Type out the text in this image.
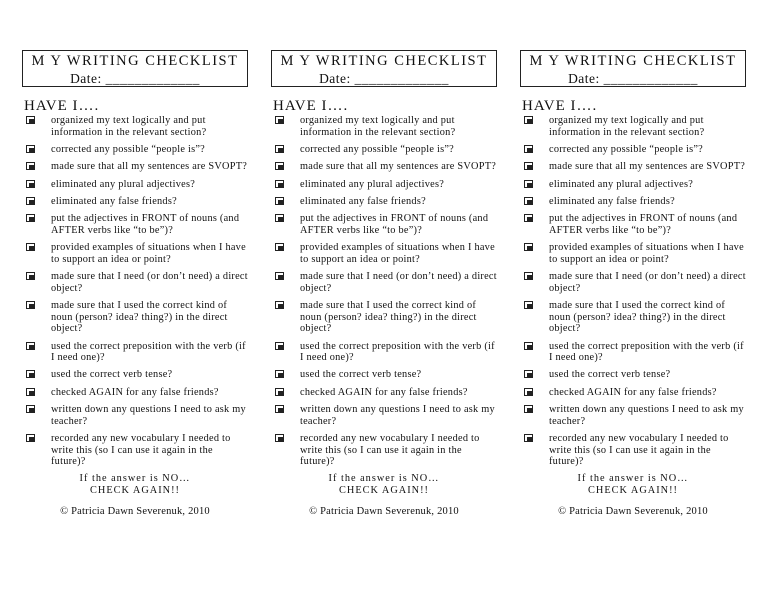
M Y WRITING CHECKLIST
Date: _____________
HAVE I….
organized my text logically and put information in the relevant section?
corrected any possible “people is”?
made sure that all my sentences are SVOPT?
eliminated any plural adjectives?
eliminated any false friends?
put the adjectives in FRONT of nouns (and AFTER verbs like “to be”)?
provided examples of situations when I have to support an idea or point?
made sure that I need (or don’t need) a direct object?
made sure that I used the correct kind of noun (person? idea? thing?) in the direct object?
used the correct preposition with the verb (if I need one)?
used the correct verb tense?
checked AGAIN for any false friends?
written down any questions I need to ask my teacher?
recorded any new vocabulary I needed to write this (so I can use it again in the future)?
If the answer is NO…
CHECK AGAIN!!
© Patricia Dawn Severenuk, 2010
M Y WRITING CHECKLIST
Date: _____________
HAVE I….
organized my text logically and put information in the relevant section?
corrected any possible “people is”?
made sure that all my sentences are SVOPT?
eliminated any plural adjectives?
eliminated any false friends?
put the adjectives in FRONT of nouns (and AFTER verbs like “to be”)?
provided examples of situations when I have to support an idea or point?
made sure that I need (or don’t need) a direct object?
made sure that I used the correct kind of noun (person? idea? thing?) in the direct object?
used the correct preposition with the verb (if I need one)?
used the correct verb tense?
checked AGAIN for any false friends?
written down any questions I need to ask my teacher?
recorded any new vocabulary I needed to write this (so I can use it again in the future)?
If the answer is NO…
CHECK AGAIN!!
© Patricia Dawn Severenuk, 2010
M Y WRITING CHECKLIST
Date: _____________
HAVE I….
organized my text logically and put information in the relevant section?
corrected any possible “people is”?
made sure that all my sentences are SVOPT?
eliminated any plural adjectives?
eliminated any false friends?
put the adjectives in FRONT of nouns (and AFTER verbs like “to be”)?
provided examples of situations when I have to support an idea or point?
made sure that I need (or don’t need) a direct object?
made sure that I used the correct kind of noun (person? idea? thing?) in the direct object?
used the correct preposition with the verb (if I need one)?
used the correct verb tense?
checked AGAIN for any false friends?
written down any questions I need to ask my teacher?
recorded any new vocabulary I needed to write this (so I can use it again in the future)?
If the answer is NO…
CHECK AGAIN!!
© Patricia Dawn Severenuk, 2010
